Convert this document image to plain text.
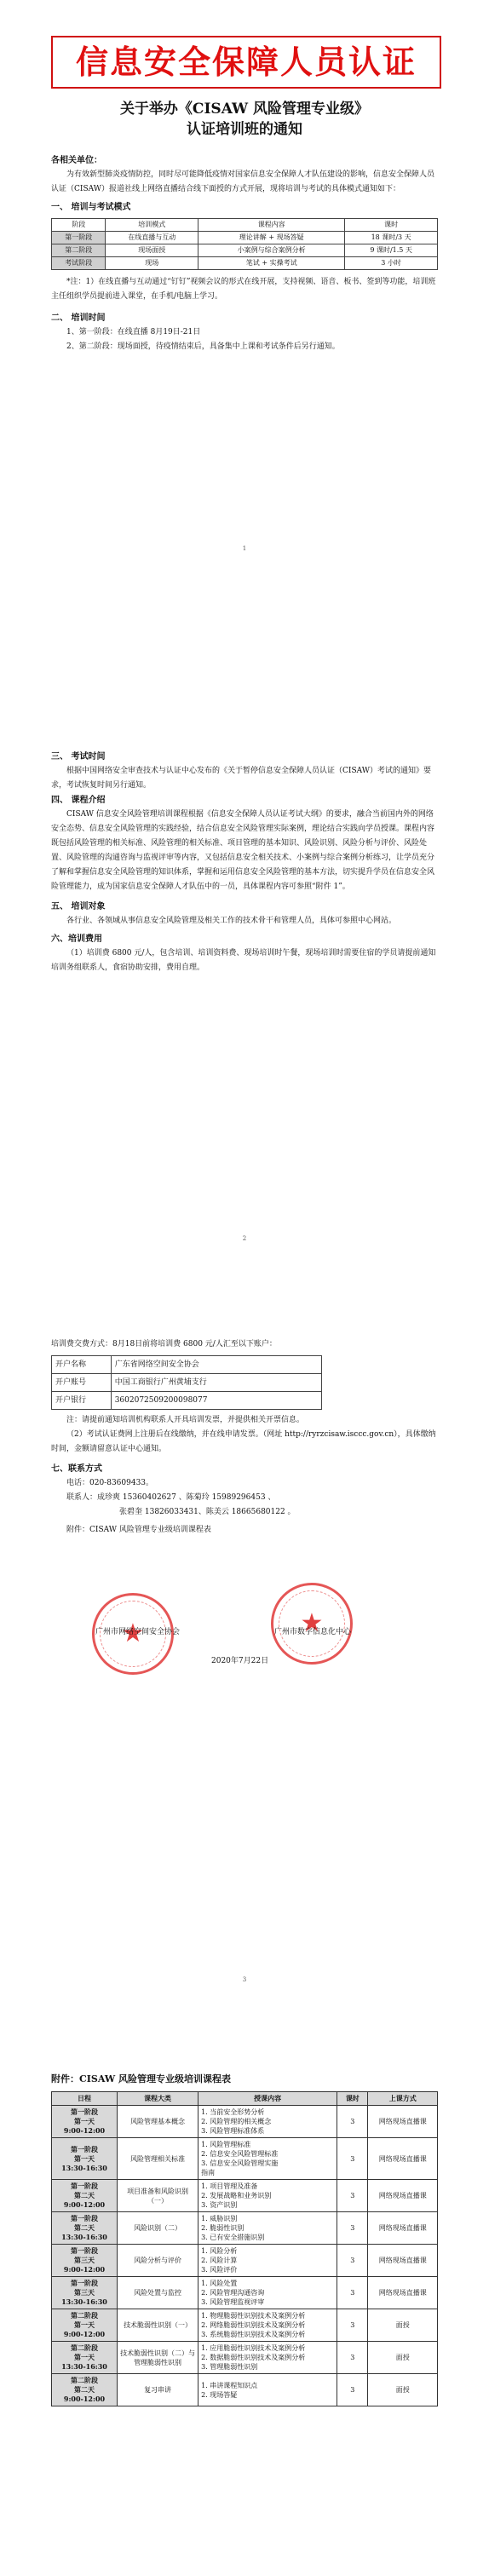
信息安全保障人员认证
关于举办《CISAW 风险管理专业级》
认证培训班的通知

各相关单位：

为有效新型肺炎疫情防控，同时尽可能降低疫情对国家信息安全保障人才队伍建设的影响，信息安全保障人员认证（CISAW）报道社线上网络直播结合线下面授的方式开展，现将培训与考试的具体模式通知如下：

一、 培训与考试模式

阶段	培训模式	课程内容	课时
第一阶段	在线直播与互动	理论讲解 + 现场答疑	18 课时/3 天
第二阶段	现场面授	小案例与综合案例分析	9 课时/1.5 天
考试阶段	现场	笔试 + 实操考试	3 小时

*注：1）在线直播与互动通过“钉钉”视频会议的形式在线开展，支持视频、语音、板书、签到等功能，培训班主任组织学员提前进入课堂，在手机/电脑上学习。

二、 培训时间

1、第一阶段：在线直播 8月19日-21日

2、第二阶段：现场面授，待疫情结束后，具备集中上课和考试条件后另行通知。

1

三、 考试时间

根据中国网络安全审查技术与认证中心发布的《关于暂停信息安全保障人员认证（CISAW）考试的通知》要求，考试恢复时间另行通知。

四、 课程介绍

CISAW 信息安全风险管理培训课程根据《信息安全保障人员认证考试大纲》的要求，融合当前国内外的网络安全态势、信息安全风险管理的实践经验，结合信息安全风险管理实际案例，理论结合实践向学员授课。课程内容既包括风险管理的相关标准、风险管理的相关标准、项目管理的基本知识、风险识别、风险分析与评价、风险处置、风险管理的沟通咨询与监视评审等内容，又包括信息安全相关技术、小案例与综合案例分析练习，让学员充分了解和掌握信息安全风险管理的知识体系，掌握和运用信息安全风险管理的基本方法，切实提升学员在信息安全风险管理能力，成为国家信息安全保障人才队伍中的一员，具体课程内容可参照“附件 1”。

五、 培训对象

各行业、各领域从事信息安全风险管理及相关工作的技术骨干和管理人员，具体可参照中心网站。

六、培训费用

（1）培训费 6800 元/人，包含培训、培训资料费、现场培训时午餐，现场培训时需要住宿的学员请提前通知培训务组联系人，食宿协助安排，费用自理。

2

培训费交费方式：8月18日前将培训费 6800 元/人汇至以下账户：

开户名称	广东省网络空间安全协会
开户账号	中国工商银行广州黄埔支行
开户银行	3602072509200098077

注：请提前通知培训机构联系人开具培训发票，并提供相关开票信息。

（2）考试认证费网上注册后在线缴纳，并在线申请发票。（网址 http://ryrzcisaw.isccc.gov.cn），具体缴纳时间，金额请留意认证中心通知。

七、联系方式

电话：020-83609433。

联系人：成珍爽 15360402627 、陈菊玲 15989296453 、

张碧奎 13826033431、陈美云 18665680122 。

附件：CISAW 风险管理专业级培训课程表

★	★
广州市网络空间安全协会	广州市数字信息化中心
2020年7月22日
3

附件：CISAW 风险管理专业级培训课程表

日程	课程大类	授课内容	课时	上课方式
第一阶段
第一天
9:00-12:00	风险管理基本概念	1. 当前安全形势分析
2. 风险管理的相关概念
3. 风险管理标准体系	3	网络现场直播课
第一阶段
第一天
13:30-16:30	风险管理相关标准	1. 风险管理标准
2. 信息安全风险管理标准
3. 信息安全风险管理实施
指南	3	网络现场直播课
第一阶段
第二天
9:00-12:00	项目准备和风险识别（一）	1. 项目管理及准备
2. 发展战略和业务识别
3. 资产识别	3	网络现场直播课
第一阶段
第二天
13:30-16:30	风险识别（二）	1. 威胁识别
2. 脆弱性识别
3. 已有安全措施识别	3	网络现场直播课
第一阶段
第三天
9:00-12:00	风险分析与评价	1. 风险分析
2. 风险计算
3. 风险评价	3	网络现场直播课
第一阶段
第三天
13:30-16:30	风险处置与监控	1. 风险处置
2. 风险管理沟通咨询
3. 风险管理监视评审	3	网络现场直播课
第二阶段
第一天
9:00-12:00	技术脆弱性识别（一）	1. 物理脆弱性识别技术及案例分析
2. 网络脆弱性识别技术及案例分析
3. 系统脆弱性识别技术及案例分析	3	面授
第二阶段
第一天
13:30-16:30	技术脆弱性识别（二）与管理脆弱性识别	1. 应用脆弱性识别技术及案例分析
2. 数据脆弱性识别技术及案例分析
3. 管理脆弱性识别	3	面授
第二阶段
第二天
9:00-12:00	复习串讲	1. 串讲课程知识点
2. 现场答疑	3	面授
